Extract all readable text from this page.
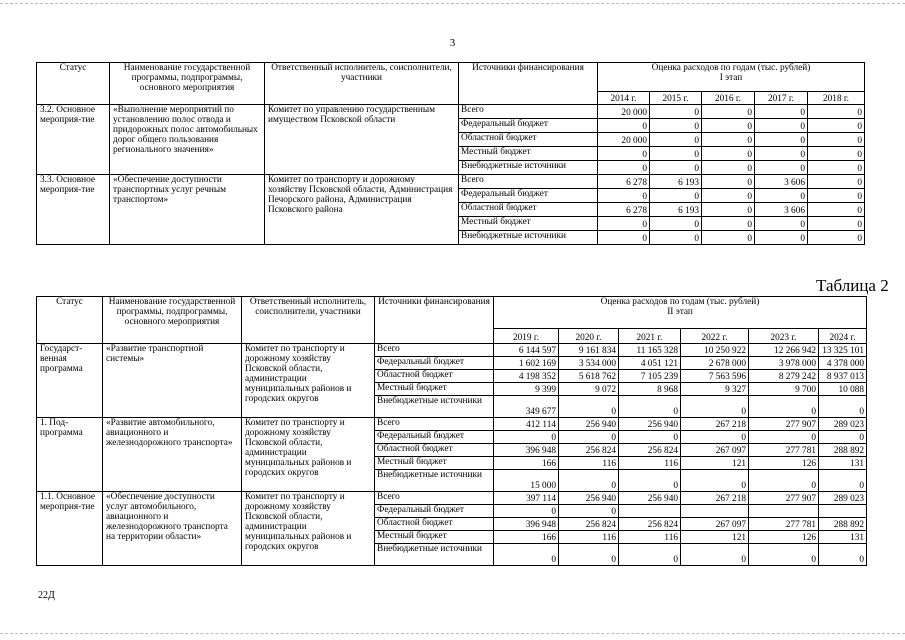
3
Статус	Наименование государственной программы, подпрограммы, основного мероприятия	Ответственный исполнитель, соисполнители, участники	Источники финансирования	Оценка расходов по годам (тыс. рублей)
I этап				

				2014 г.	2015 г.	2016 г.	2017 г.	2018 г.
3.2. Основное мероприя-тие	«Выполнение мероприятий по установлению полос отвода и придорожных полос автомобильных дорог общего пользования регионального значения»	Комитет по управлению государственным имуществом Псковской области	Всего	20 000	0	0	0	0
			Федеральный бюджет	0	0	0	0	0
			Областной бюджет	20 000	0	0	0	0
			Местный бюджет	0	0	0	0	0
			Внебюджетные источники	0	0	0	0	0
3.3. Основное мероприя-тие	«Обеспечение доступности транспортных услуг речным транспортом»	Комитет по транспорту и дорожному хозяйству Псковской области, Администрация Печорского района, Администрация Псковского района	Всего	6 278	6 193	0	3 606	0
			Федеральный бюджет	0	0	0	0	0
			Областной бюджет	6 278	6 193	0	3 606	0
			Местный бюджет	0	0	0	0	0
			Внебюджетные источники	0	0	0	0	0
Таблица 2
Статус	Наименование государственной программы, подпрограммы, основного мероприятия	Ответственный исполнитель, соисполнители, участники	Источники финансирования	Оценка расходов по годам (тыс. рублей)
II этап					

				2019 г.	2020 г.	2021 г.	2022 г.	2023 г.	2024 г.
Государст-венная программа	«Развитие транспортной системы»	Комитет по транспорту и дорожному хозяйству Псковской области, администрации муниципальных районов и городских округов	Всего	6 144 597	9 161 834	11 165 328	10 250 922	12 266 942	13 325 101
			Федеральный бюджет	1 602 169	3 534 000	4 051 121	2 678 000	3 978 000	4 378 000
			Областной бюджет	4 198 352	5 618 762	7 105 239	7 563 596	8 279 242	8 937 013
			Местный бюджет	9 399	9 072	8 968	9 327	9 700	10 088
			Внебюджетные источники	349 677	0	0	0	0	0
1. Под-программа	«Развитие автомобильного, авиационного и железнодорожного транспорта»	Комитет по транспорту и дорожному хозяйству Псковской области, администрации муниципальных районов и городских округов	Всего	412 114	256 940	256 940	267 218	277 907	289 023
			Федеральный бюджет	0	0	0	0	0	0
			Областной бюджет	396 948	256 824	256 824	267 097	277 781	288 892
			Местный бюджет	166	116	116	121	126	131
			Внебюджетные источники	15 000	0	0	0	0	0
1.1. Основное мероприя-тие	«Обеспечение доступности услуг автомобильного, авиационного и железнодорожного транспорта на территории области»	Комитет по транспорту и дорожному хозяйству Псковской области, администрации муниципальных районов и городских округов	Всего	397 114	256 940	256 940	267 218	277 907	289 023
			Федеральный бюджет	0	0				
			Областной бюджет	396 948	256 824	256 824	267 097	277 781	288 892
			Местный бюджет	166	116	116	121	126	131
			Внебюджетные источники	0	0	0	0	0	0
22Д
